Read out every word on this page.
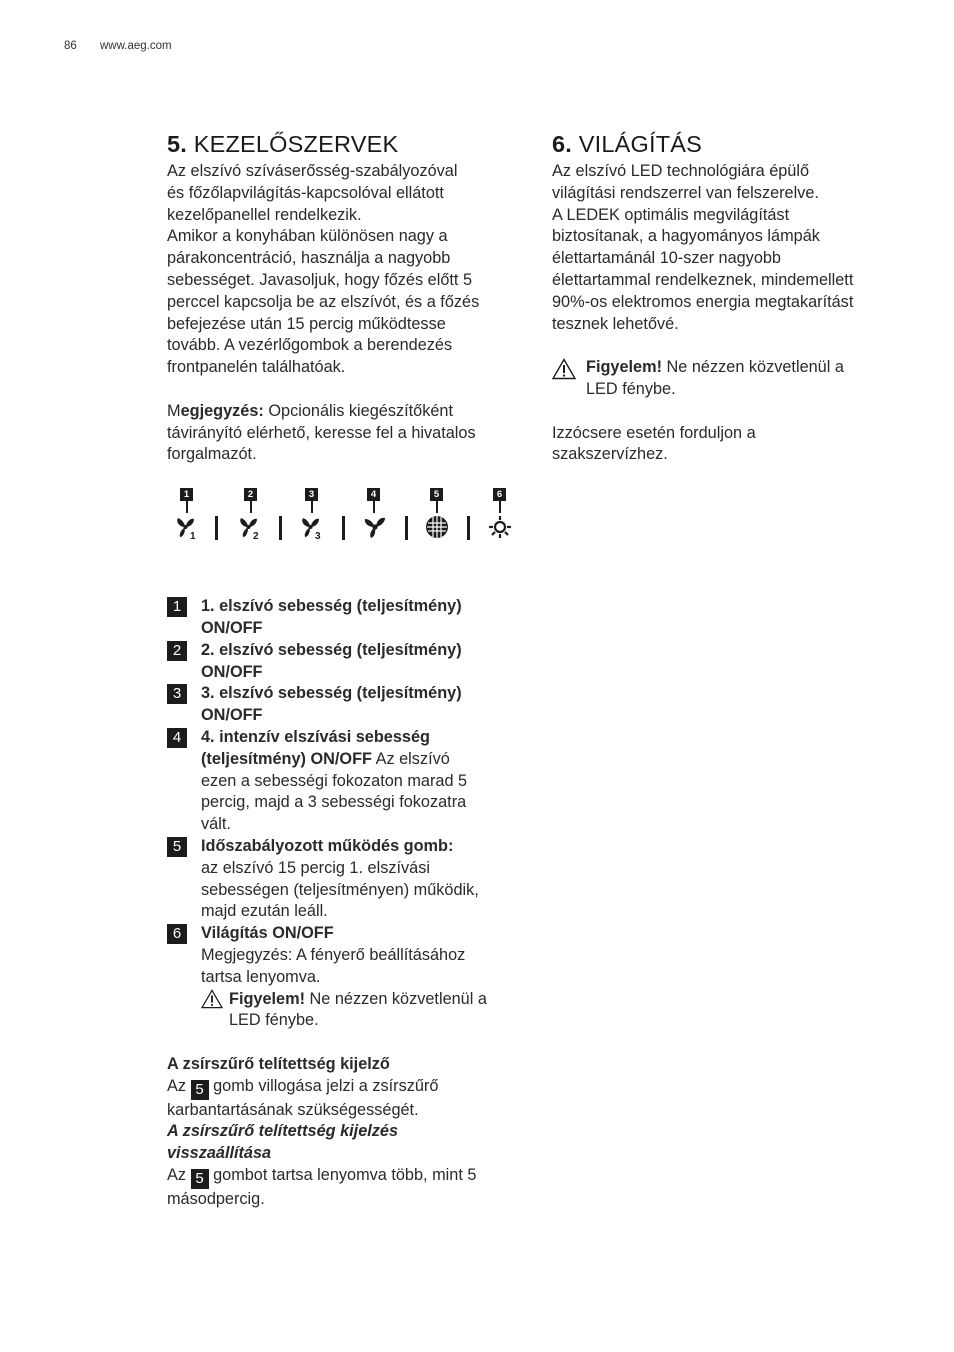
86 www.aeg.com
5. KEZELŐSZERVEK

Az elszívó szíváserősség-szabályozóval
és főzőlapvilágítás-kapcsolóval ellátott
kezelőpanellel rendelkezik.
Amikor a konyhában különösen nagy a
párakoncentráció, használja a nagyobb
sebességet. Javasoljuk, hogy főzés előtt 5
perccel kapcsolja be az elszívót, és a főzés
befejezése után 15 percig működtesse
tovább. A vezérlőgombok a berendezés
frontpanelén találhatóak.

Megjegyzés: Opcionális kiegészítőként
távirányító elérhető, keresse fel a hivatalos
forgalmazót.

1	2	3	4	5	6
1	2	3
1	1. elszívó sebesség (teljesítmény)
ON/OFF
2	2. elszívó sebesség (teljesítmény)
ON/OFF
3	3. elszívó sebesség (teljesítmény)
ON/OFF
4	4. intenzív elszívási sebesség
(teljesítmény) ON/OFF Az elszívó
ezen a sebességi fokozaton marad 5
percig, majd a 3 sebességi fokozatra
vált.
5	Időszabályozott működés gomb:
az elszívó 15 percig 1. elszívási
sebességen (teljesítményen) működik,
majd ezután leáll.
6	Világítás ON/OFF
Megjegyzés: A fényerő beállításához
tartsa lenyomva.
Figyelem! Ne nézzen közvetlenül a
LED fénybe.

A zsírszűrő telítettség kijelző
Az 5 gomb villogása jelzi a zsírszűrő
karbantartásának szükségességét.
A zsírszűrő telítettség kijelzés
visszaállítása
Az 5 gombot tartsa lenyomva több, mint 5
másodpercig.

6. VILÁGÍTÁS

Az elszívó LED technológiára épülő
világítási rendszerrel van felszerelve.
A LEDEK optimális megvilágítást
biztosítanak, a hagyományos lámpák
élettartamánál 10-szer nagyobb
élettartammal rendelkeznek, mindemellett
90%-os elektromos energia megtakarítást
tesznek lehetővé.

Figyelem! Ne nézzen közvetlenül a
LED fénybe.

Izzócsere esetén forduljon a
szakszervízhez.
